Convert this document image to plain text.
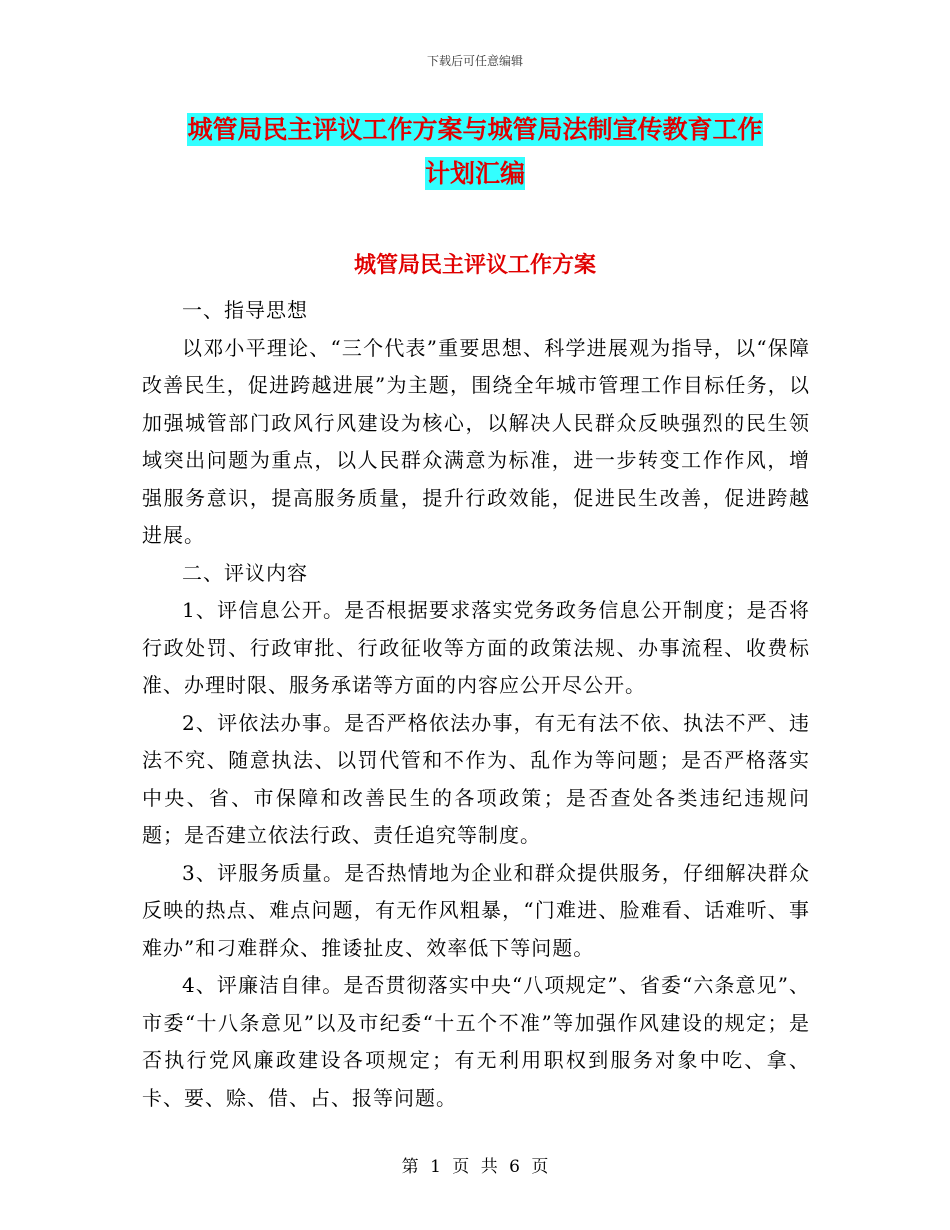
下载后可任意编辑
城管局民主评议工作方案与城管局法制宣传教育工作
计划汇编
城管局民主评议工作方案

一、指导思想

以邓小平理论、“三个代表”重要思想、科学进展观为指导，以“保障改善民生，促进跨越进展”为主题，围绕全年城市管理工作目标任务，以加强城管部门政风行风建设为核心，以解决人民群众反映强烈的民生领域突出问题为重点，以人民群众满意为标准，进一步转变工作作风，增强服务意识，提高服务质量，提升行政效能，促进民生改善，促进跨越进展。

二、评议内容

1、评信息公开。是否根据要求落实党务政务信息公开制度；是否将行政处罚、行政审批、行政征收等方面的政策法规、办事流程、收费标准、办理时限、服务承诺等方面的内容应公开尽公开。

2、评依法办事。是否严格依法办事，有无有法不依、执法不严、违法不究、随意执法、以罚代管和不作为、乱作为等问题；是否严格落实中央、省、市保障和改善民生的各项政策；是否查处各类违纪违规问题；是否建立依法行政、责任追究等制度。

3、评服务质量。是否热情地为企业和群众提供服务，仔细解决群众反映的热点、难点问题，有无作风粗暴，“门难进、脸难看、话难听、事难办”和刁难群众、推诿扯皮、效率低下等问题。

4、评廉洁自律。是否贯彻落实中央“八项规定”、省委“六条意见”、市委“十八条意见”以及市纪委“十五个不准”等加强作风建设的规定；是否执行党风廉政建设各项规定；有无利用职权到服务对象中吃、拿、卡、要、赊、借、占、报等问题。

第 1 页 共 6 页
